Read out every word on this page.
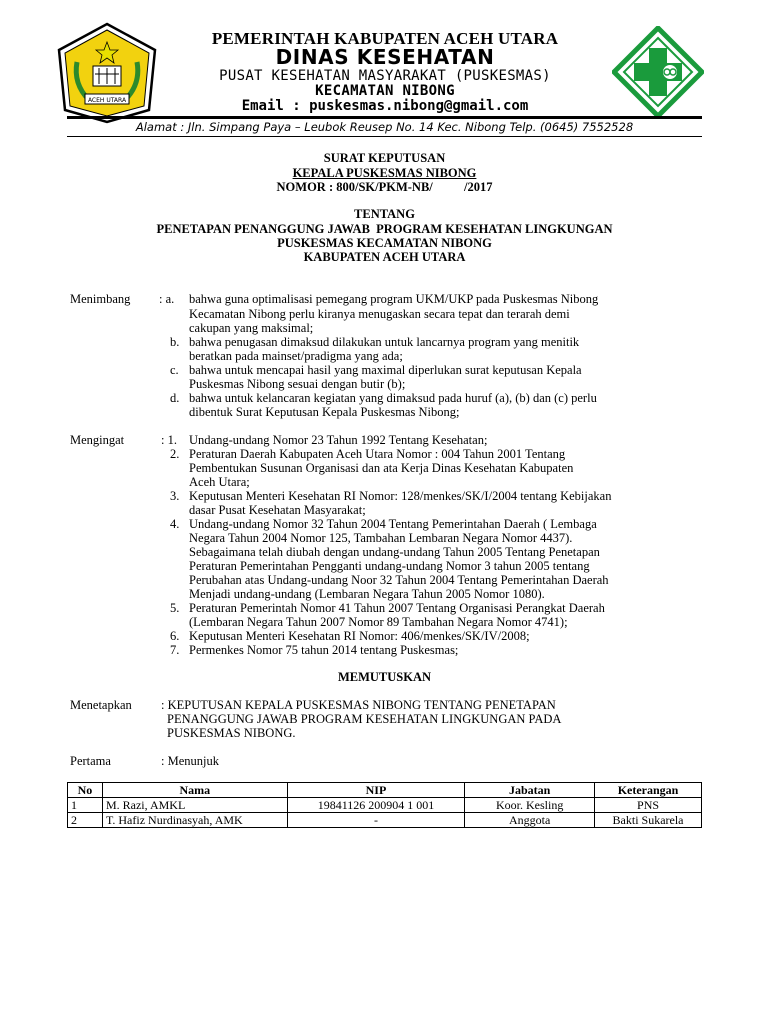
ACEH UTARA
PEMERINTAH KABUPATEN ACEH UTARA
DINAS KESEHATAN
PUSAT KESEHATAN MASYARAKAT (PUSKESMAS)
KECAMATAN NIBONG
Email : puskesmas.nibong@gmail.com
Alamat : Jln. Simpang Paya – Leubok Reusep No. 14 Kec. Nibong Telp. (0645) 7552528
SURAT KEPUTUSAN
KEPALA PUSKESMAS NIBONG
NOMOR : 800/SK/PKM-NB/          /2017
TENTANG
PENETAPAN PENANGGUNG JAWAB  PROGRAM KESEHATAN LINGKUNGAN
PUSKESMAS KECAMATAN NIBONG
KABUPATEN ACEH UTARA
Menimbang : a. bahwa guna optimalisasi pemegang program UKM/UKP pada Puskesmas Nibong
Kecamatan Nibong perlu kiranya menugaskan secara tepat dan terarah demi
cakupan yang maksimal;
b. bahwa penugasan dimaksud dilakukan untuk lancarnya program yang menitik
beratkan pada mainset/pradigma yang ada;
c. bahwa untuk mencapai hasil yang maximal diperlukan surat keputusan Kepala
Puskesmas Nibong sesuai dengan butir (b);
d. bahwa untuk kelancaran kegiatan yang dimaksud pada huruf (a), (b) dan (c) perlu
dibentuk Surat Keputusan Kepala Puskesmas Nibong;
Mengingat	: 1. Undang-undang Nomor 23 Tahun 1992 Tentang Kesehatan;
2. Peraturan Daerah Kabupaten Aceh Utara Nomor : 004 Tahun 2001 Tentang
Pembentukan Susunan Organisasi dan ata Kerja Dinas Kesehatan Kabupaten
Aceh Utara;
3. Keputusan Menteri Kesehatan RI Nomor: 128/menkes/SK/I/2004 tentang Kebijakan
dasar Pusat Kesehatan Masyarakat;
4. Undang-undang Nomor 32 Tahun 2004 Tentang Pemerintahan Daerah ( Lembaga
Negara Tahun 2004 Nomor 125, Tambahan Lembaran Negara Nomor 4437).
Sebagaimana telah diubah dengan undang-undang Tahun 2005 Tentang Penetapan
Peraturan Pemerintahan Pengganti undang-undang Nomor 3 tahun 2005 tentang
Perubahan atas Undang-undang Noor 32 Tahun 2004 Tentang Pemerintahan Daerah
Menjadi undang-undang (Lembaran Negara Tahun 2005 Nomor 1080).
5. Peraturan Pemerintah Nomor 41 Tahun 2007 Tentang Organisasi Perangkat Daerah
(Lembaran Negara Tahun 2007 Nomor 89 Tambahan Negara Nomor 4741);
6. Keputusan Menteri Kesehatan RI Nomor: 406/menkes/SK/IV/2008;
7. Permenkes Nomor 75 tahun 2014 tentang Puskesmas;
MEMUTUSKAN
Menetapkan : KEPUTUSAN KEPALA PUSKESMAS NIBONG TENTANG PENETAPAN
PENANGGUNG JAWAB PROGRAM KESEHATAN LINGKUNGAN PADA
PUSKESMAS NIBONG.
Pertama	: Menunjuk
No	Nama	NIP	Jabatan	Keterangan
1	M. Razi, AMKL	19841126 200904 1 001	Koor. Kesling	PNS
2	T. Hafiz Nurdinasyah, AMK	-	Anggota	Bakti Sukarela
